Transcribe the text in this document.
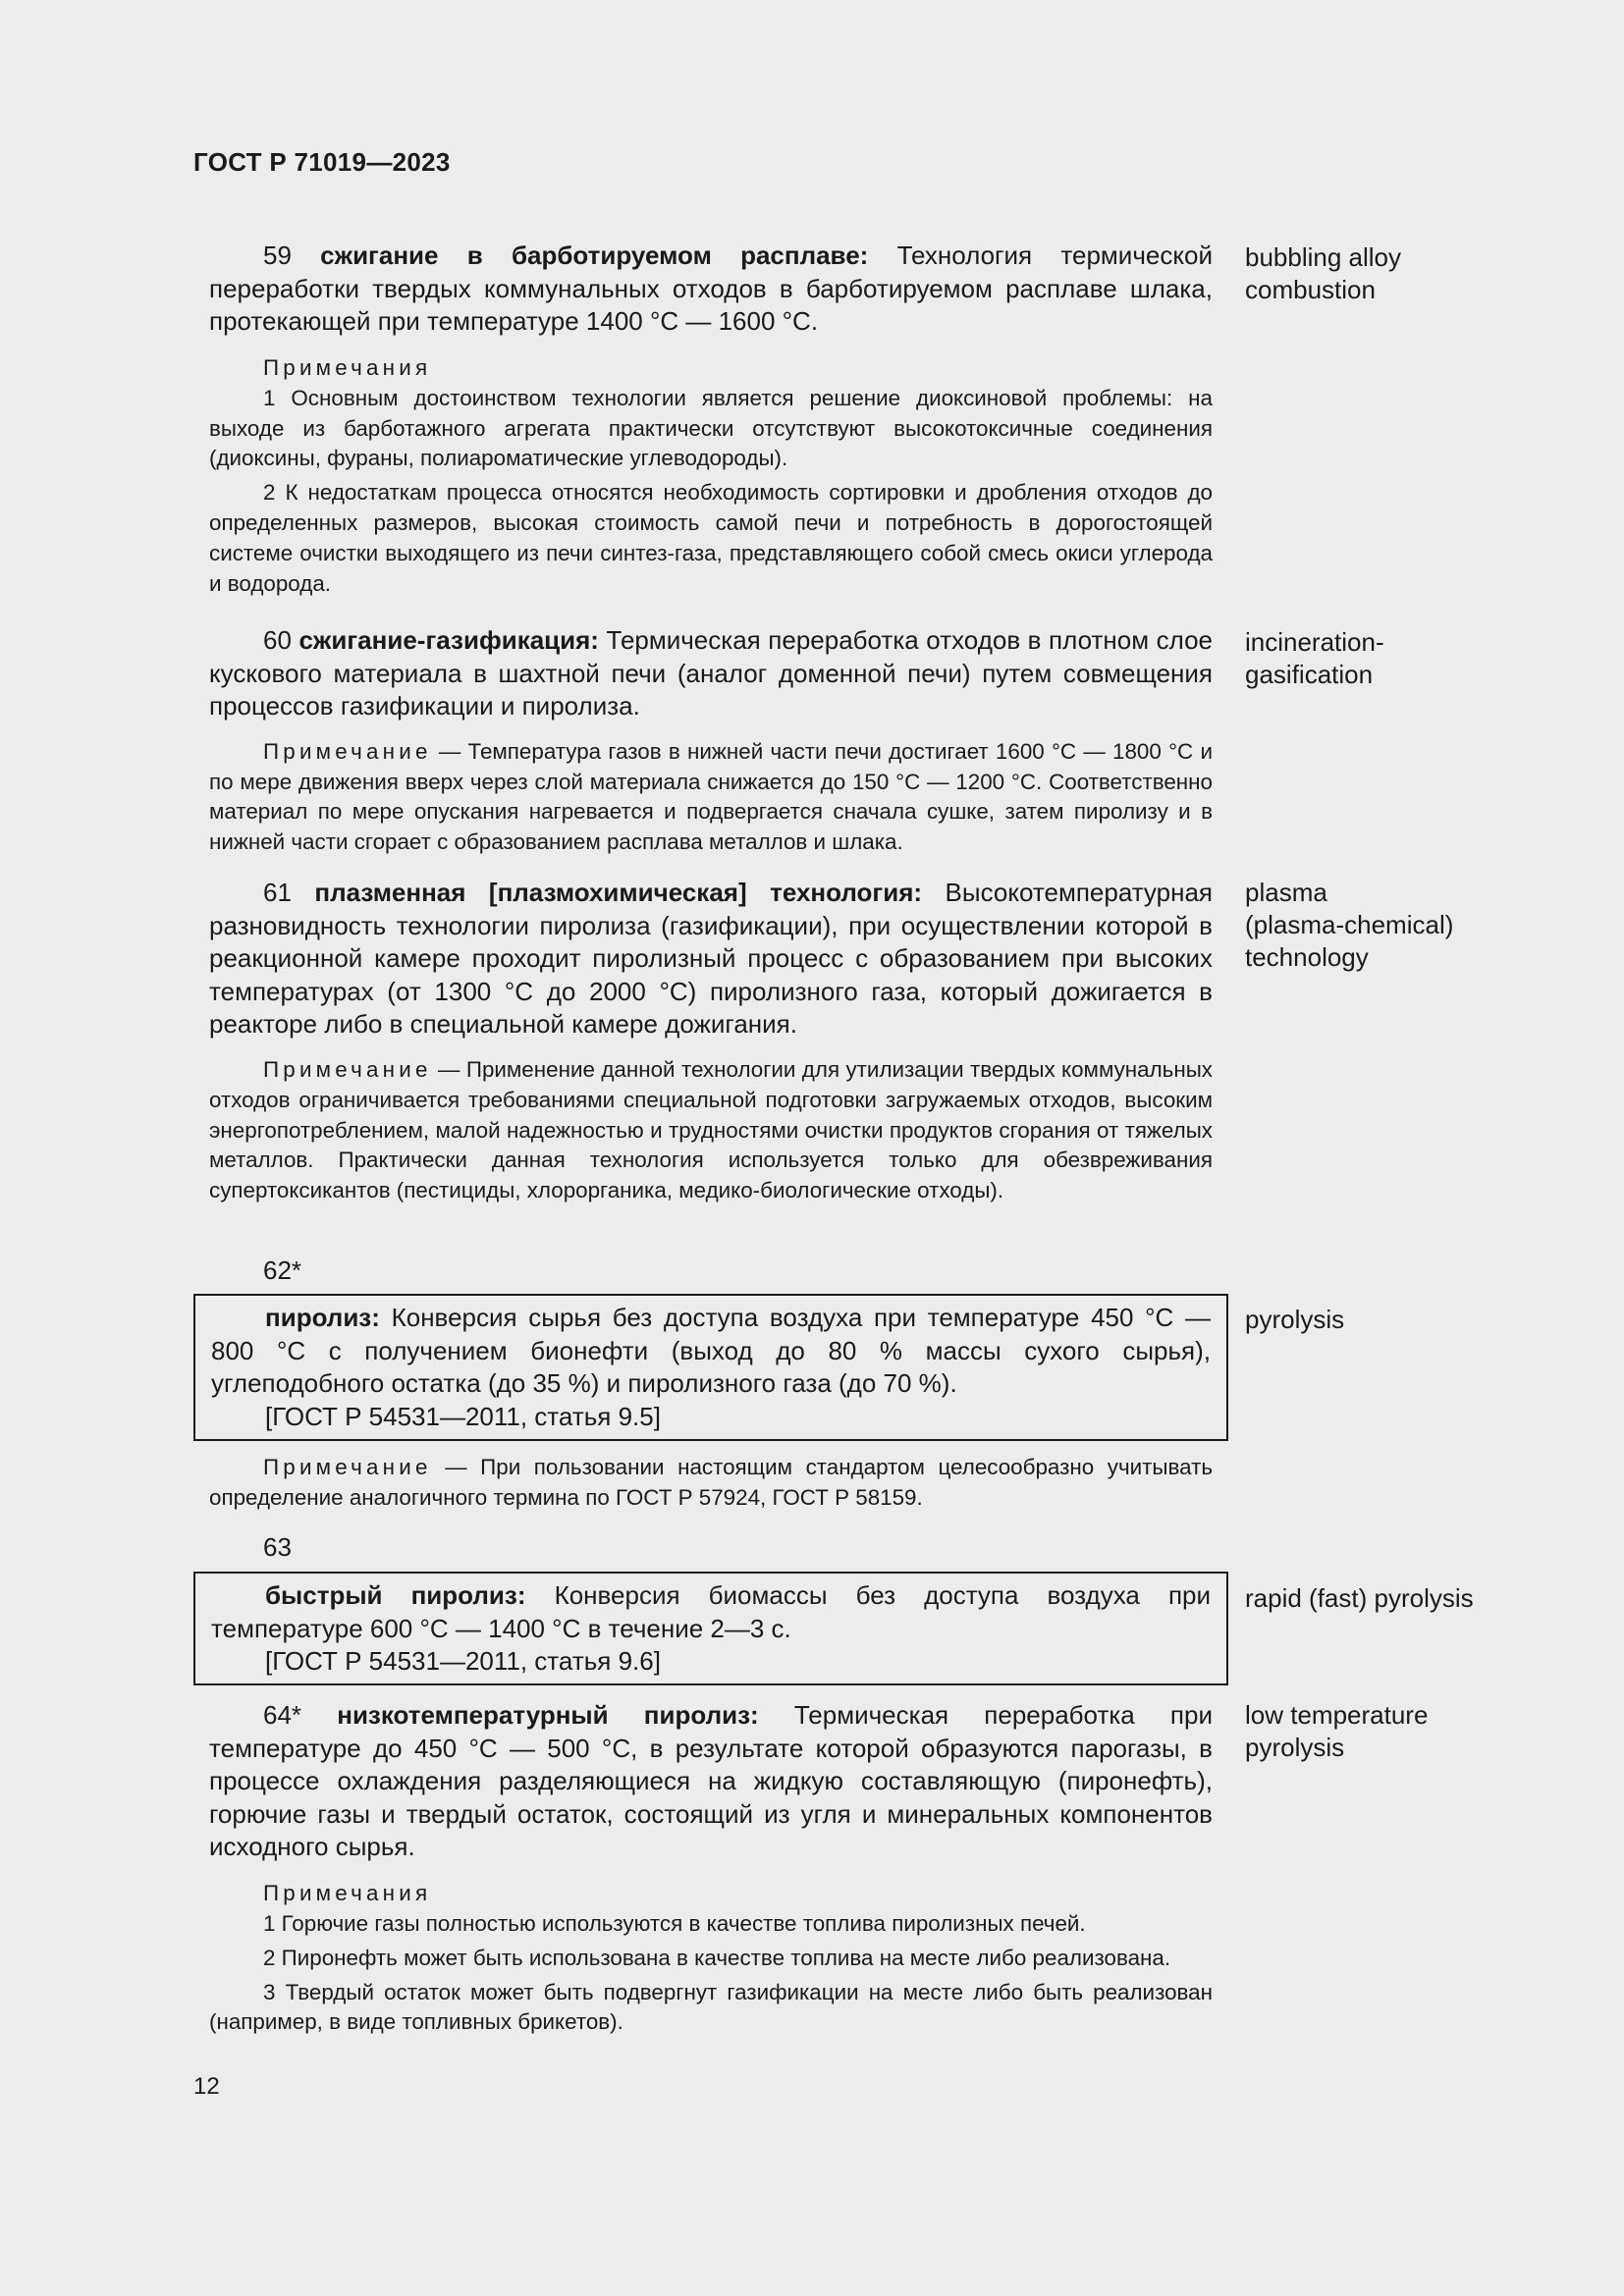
ГОСТ Р 71019—2023

59 сжигание в барботируемом расплаве: Технология термической переработки твердых коммунальных отходов в барботируемом расплаве шлака, протекающей при температуре 1400 °С — 1600 °С.

Примечания

1 Основным достоинством технологии является решение диоксиновой проблемы: на выходе из барботажного агрегата практически отсутствуют высокотоксичные соединения (диоксины, фураны, полиароматические углеводороды).

2 К недостаткам процесса относятся необходимость сортировки и дробления отходов до определенных размеров, высокая стоимость самой печи и потребность в дорогостоящей системе очистки выходящего из печи синтез-газа, представляющего собой смесь окиси углерода и водорода.

bubbling alloy
combustion

60 сжигание-газификация: Термическая переработка отходов в плотном слое кускового материала в шахтной печи (аналог доменной печи) путем совмещения процессов газификации и пиролиза.

Примечание — Температура газов в нижней части печи достигает 1600 °С — 1800 °С и по мере движения вверх через слой материала снижается до 150 °С — 1200 °С. Соответственно материал по мере опускания нагревается и подвергается сначала сушке, затем пиролизу и в нижней части сгорает с образованием расплава металлов и шлака.

incineration-
gasification

61 плазменная [плазмохимическая] технология: Высокотемпературная разновидность технологии пиролиза (газификации), при осуществлении которой в реакционной камере проходит пиролизный процесс с образованием при высоких температурах (от 1300 °С до 2000 °С) пиролизного газа, который дожигается в реакторе либо в специальной камере дожигания.

Примечание — Применение данной технологии для утилизации твердых коммунальных отходов ограничивается требованиями специальной подготовки загружаемых отходов, высоким энергопотреблением, малой надежностью и трудностями очистки продуктов сгорания от тяжелых металлов. Практически данная технология используется только для обезвреживания супертоксикантов (пестициды, хлорорганика, медико-биологические отходы).

plasma
(plasma-chemical)
technology
62*

пиролиз: Конверсия сырья без доступа воздуха при температуре 450 °С — 800 °С с получением бионефти (выход до 80 % массы сухого сырья), углеподобного остатка (до 35 %) и пиролизного газа (до 70 %).

[ГОСТ Р 54531—2011, статья 9.5]
pyrolysis

Примечание — При пользовании настоящим стандартом целесообразно учитывать определение аналогичного термина по ГОСТ Р 57924, ГОСТ Р 58159.

63

быстрый пиролиз: Конверсия биомассы без доступа воздуха при температуре 600 °С — 1400 °С в течение 2—3 с.

[ГОСТ Р 54531—2011, статья 9.6]
rapid (fast) pyrolysis

64* низкотемпературный пиролиз: Термическая переработка при температуре до 450 °С — 500 °С, в результате которой образуются парогазы, в процессе охлаждения разделяющиеся на жидкую составляющую (пиронефть), горючие газы и твердый остаток, состоящий из угля и минеральных компонентов исходного сырья.

Примечания

1 Горючие газы полностью используются в качестве топлива пиролизных печей.

2 Пиронефть может быть использована в качестве топлива на месте либо реализована.

3 Твердый остаток может быть подвергнут газификации на месте либо быть реализован (например, в виде топливных брикетов).

low temperature
pyrolysis
12
